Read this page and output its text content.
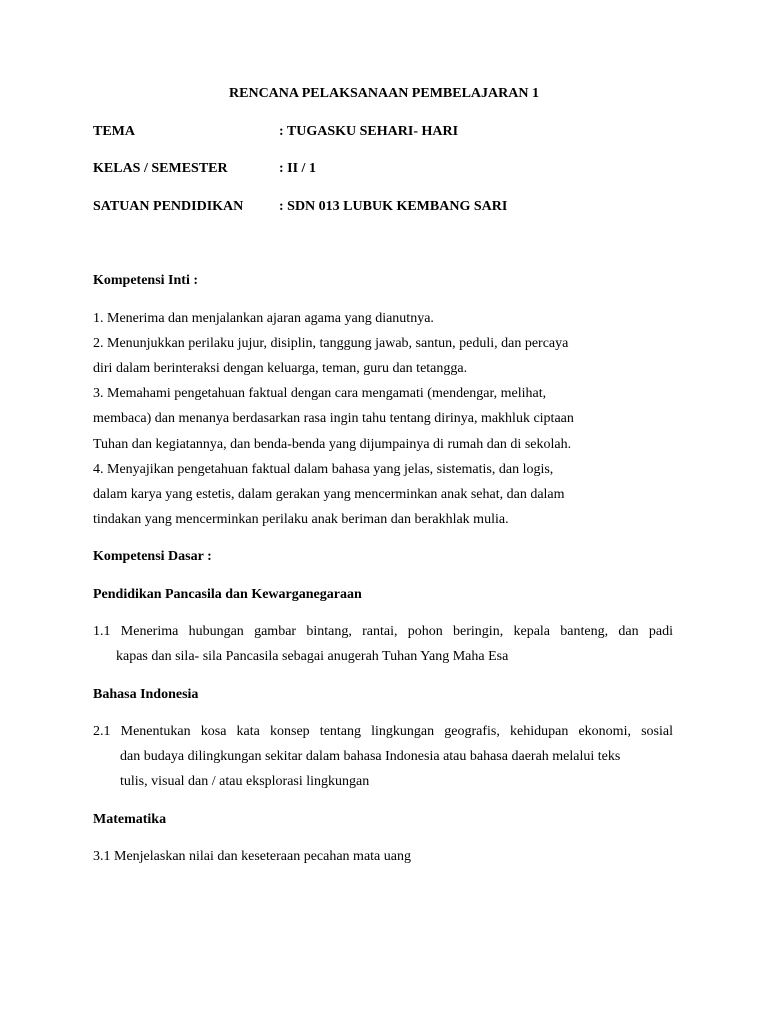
RENCANA PELAKSANAAN PEMBELAJARAN 1
TEMA	: TUGASKU SEHARI- HARI
KELAS / SEMESTER	: II / 1
SATUAN PENDIDIKAN	: SDN 013 LUBUK KEMBANG SARI
Kompetensi Inti :
1. Menerima dan menjalankan ajaran agama yang dianutnya.
2. Menunjukkan perilaku jujur, disiplin, tanggung jawab, santun, peduli, dan percaya
diri dalam berinteraksi dengan keluarga, teman, guru dan tetangga.
3. Memahami pengetahuan faktual dengan cara mengamati (mendengar, melihat,
membaca) dan menanya berdasarkan rasa ingin tahu tentang dirinya, makhluk ciptaan
Tuhan dan kegiatannya, dan benda-benda yang dijumpainya di rumah dan di sekolah.
4. Menyajikan pengetahuan faktual dalam bahasa yang jelas, sistematis, dan logis,
dalam karya yang estetis, dalam gerakan yang mencerminkan anak sehat, dan dalam
tindakan yang mencerminkan perilaku anak beriman dan berakhlak mulia.
Kompetensi Dasar :
Pendidikan Pancasila dan Kewarganegaraan
1.1 Menerima hubungan gambar bintang, rantai, pohon beringin, kepala banteng, dan padi
kapas dan sila- sila Pancasila sebagai anugerah Tuhan Yang Maha Esa
Bahasa Indonesia
2.1 Menentukan kosa kata konsep tentang lingkungan geografis, kehidupan ekonomi, sosial
dan budaya dilingkungan sekitar dalam bahasa Indonesia atau bahasa daerah melalui teks
tulis, visual dan / atau eksplorasi lingkungan
Matematika
3.1 Menjelaskan nilai dan keseteraan pecahan mata uang
